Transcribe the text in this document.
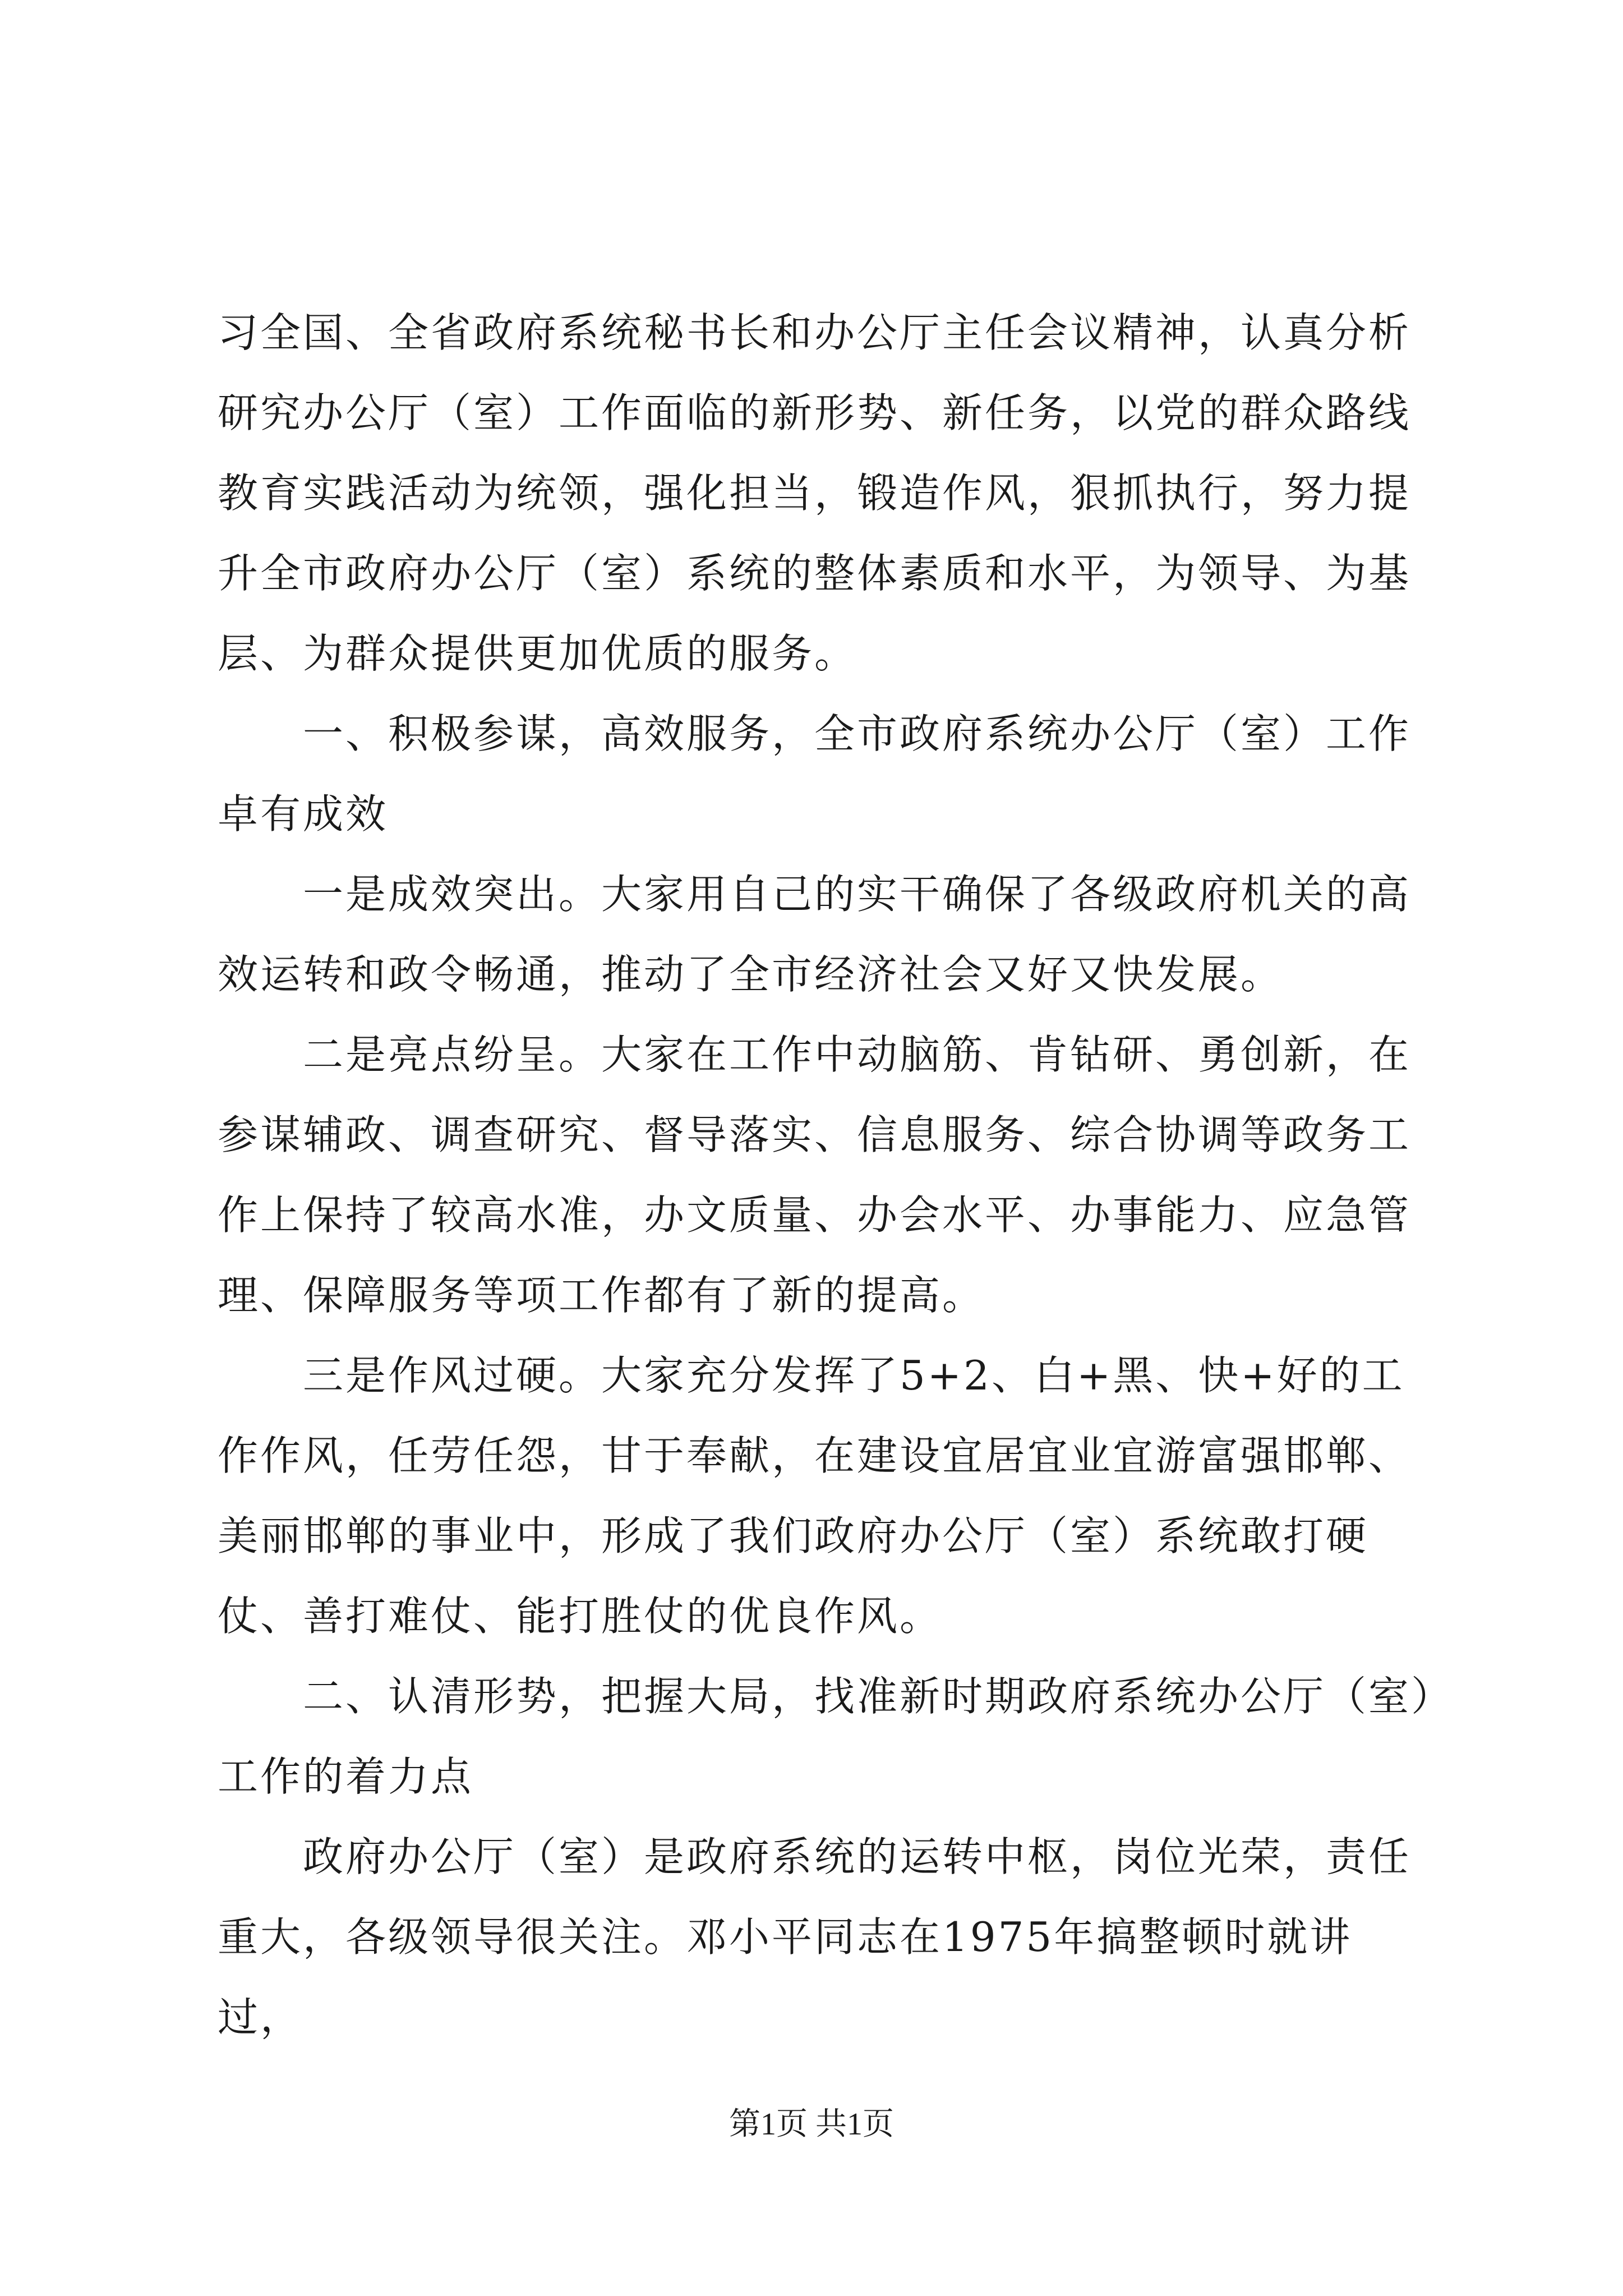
习全国、全省政府系统秘书长和办公厅主任会议精神，认真分析研究办公厅（室）工作面临的新形势、新任务，以党的群众路线教育实践活动为统领，强化担当，锻造作风，狠抓执行，努力提升全市政府办公厅（室）系统的整体素质和水平，为领导、为基层、为群众提供更加优质的服务。

一、积极参谋，高效服务，全市政府系统办公厅（室）工作卓有成效

一是成效突出。大家用自己的实干确保了各级政府机关的高效运转和政令畅通，推动了全市经济社会又好又快发展。

二是亮点纷呈。大家在工作中动脑筋、肯钻研、勇创新，在参谋辅政、调查研究、督导落实、信息服务、综合协调等政务工作上保持了较高水准，办文质量、办会水平、办事能力、应急管理、保障服务等项工作都有了新的提高。

三是作风过硬。大家充分发挥了5+2、白+黑、快+好的工作作风，任劳任怨，甘于奉献，在建设宜居宜业宜游富强邯郸、美丽邯郸的事业中，形成了我们政府办公厅（室）系统敢打硬仗、善打难仗、能打胜仗的优良作风。

二、认清形势，把握大局，找准新时期政府系统办公厅（室）工作的着力点

政府办公厅（室）是政府系统的运转中枢，岗位光荣，责任重大，各级领导很关注。邓小平同志在1975年搞整顿时就讲过，

第1页 共1页
